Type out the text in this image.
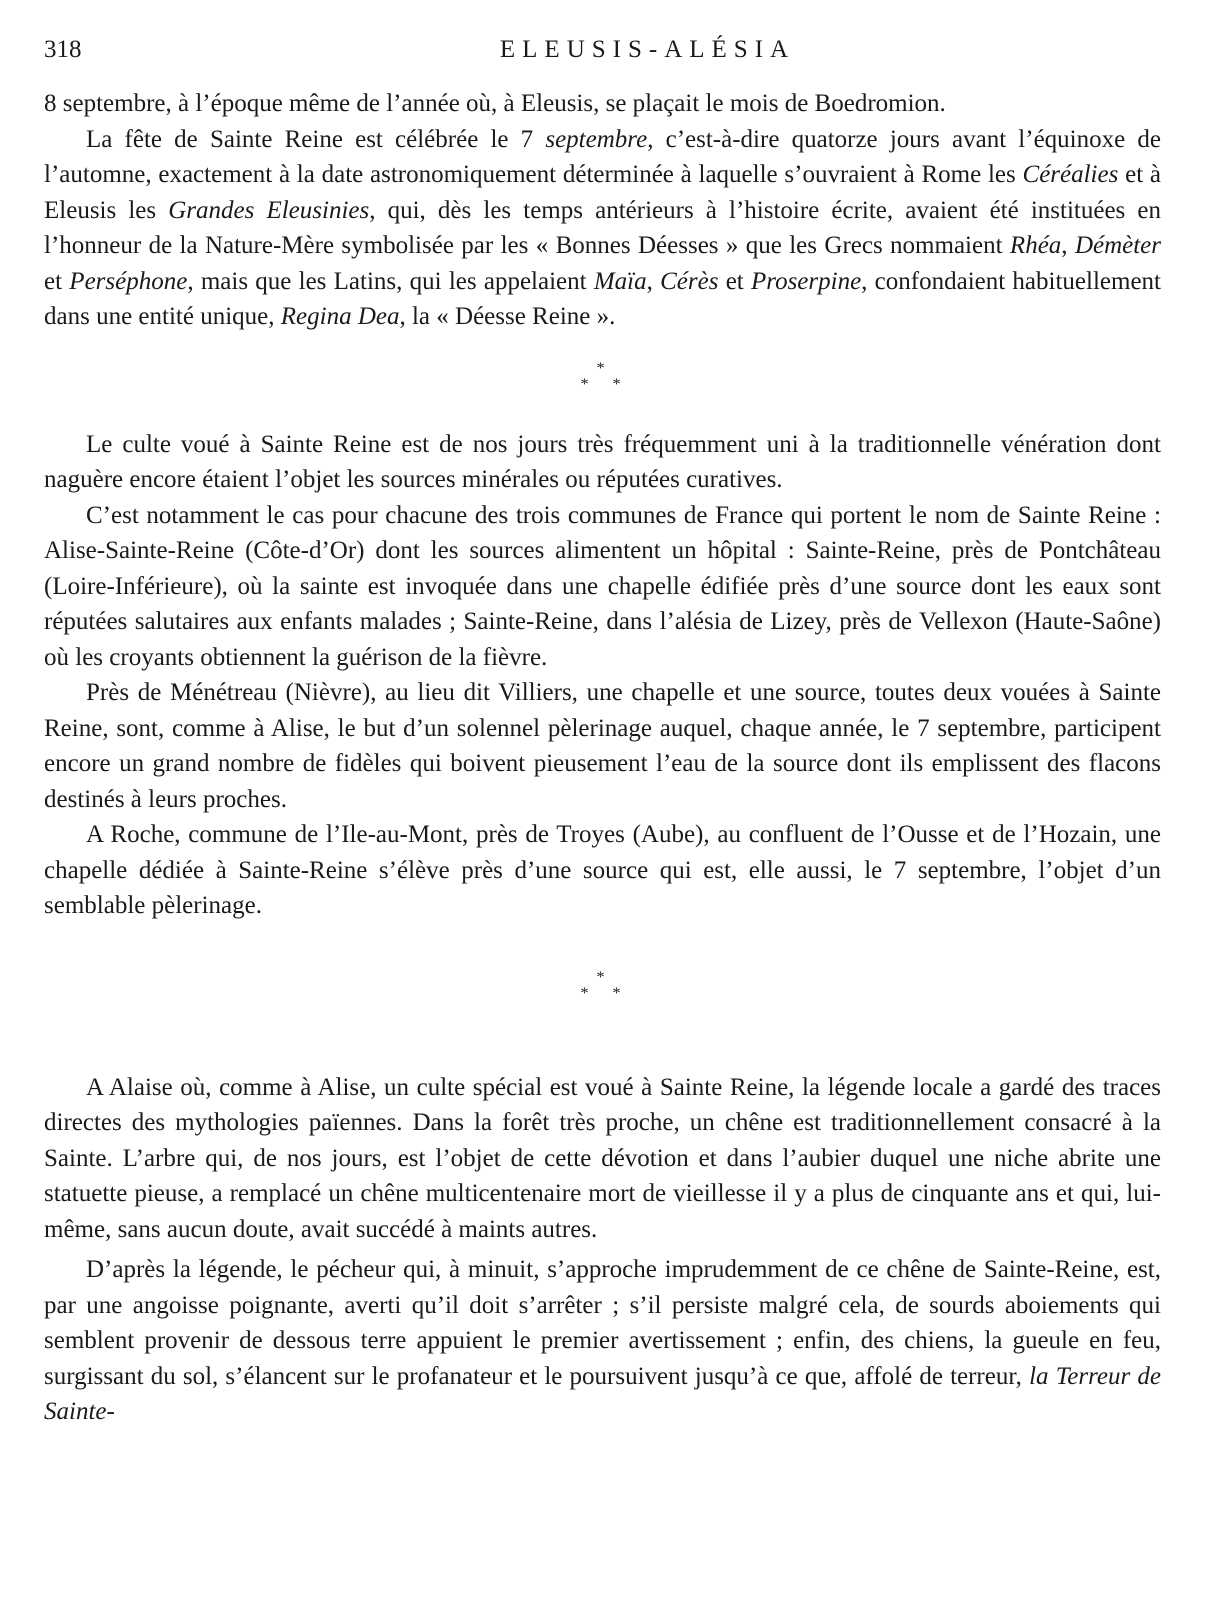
318	ELEUSIS-ALÉSIA

8 septembre, à l’époque même de l’année où, à Eleusis, se plaçait le mois de Boedromion.

La fête de Sainte Reine est célébrée le 7 septembre, c’est-à-dire quatorze jours avant l’équinoxe de l’automne, exactement à la date astronomiquement déterminée à laquelle s’ouvraient à Rome les Céréalies et à Eleusis les Grandes Eleusinies, qui, dès les temps antérieurs à l’histoire écrite, avaient été instituées en l’honneur de la Nature-Mère symbolisée par les « Bonnes Déesses » que les Grecs nommaient Rhéa, Démèter et Perséphone, mais que les Latins, qui les appelaient Maïa, Cérès et Proserpine, confondaient habituellement dans une entité unique, Regina Dea, la « Déesse Reine ».

*
* *

Le culte voué à Sainte Reine est de nos jours très fréquemment uni à la traditionnelle vénération dont naguère encore étaient l’objet les sources minérales ou réputées curatives.

C’est notamment le cas pour chacune des trois communes de France qui portent le nom de Sainte Reine : Alise-Sainte-Reine (Côte-d’Or) dont les sources alimentent un hôpital : Sainte-Reine, près de Pontchâteau (Loire-Inférieure), où la sainte est invoquée dans une chapelle édifiée près d’une source dont les eaux sont réputées salutaires aux enfants malades ; Sainte-Reine, dans l’alésia de Lizey, près de Vellexon (Haute-Saône) où les croyants obtiennent la guérison de la fièvre.

Près de Ménétreau (Nièvre), au lieu dit Villiers, une chapelle et une source, toutes deux vouées à Sainte Reine, sont, comme à Alise, le but d’un solennel pèlerinage auquel, chaque année, le 7 septembre, participent encore un grand nombre de fidèles qui boivent pieusement l’eau de la source dont ils emplissent des flacons destinés à leurs proches.

A Roche, commune de l’Ile-au-Mont, près de Troyes (Aube), au confluent de l’Ousse et de l’Hozain, une chapelle dédiée à Sainte-Reine s’élève près d’une source qui est, elle aussi, le 7 septembre, l’objet d’un semblable pèlerinage.

*
* *

A Alaise où, comme à Alise, un culte spécial est voué à Sainte Reine, la légende locale a gardé des traces directes des mythologies païennes. Dans la forêt très proche, un chêne est traditionnellement consacré à la Sainte. L’arbre qui, de nos jours, est l’objet de cette dévotion et dans l’aubier duquel une niche abrite une statuette pieuse, a remplacé un chêne multicentenaire mort de vieillesse il y a plus de cinquante ans et qui, lui-même, sans aucun doute, avait succédé à maints autres.

D’après la légende, le pécheur qui, à minuit, s’approche imprudemment de ce chêne de Sainte-Reine, est, par une angoisse poignante, averti qu’il doit s’arrêter ; s’il persiste malgré cela, de sourds aboiements qui semblent provenir de dessous terre appuient le premier avertissement ; enfin, des chiens, la gueule en feu, surgissant du sol, s’élancent sur le profanateur et le poursuivent jusqu’à ce que, affolé de terreur, la Terreur de Sainte-
